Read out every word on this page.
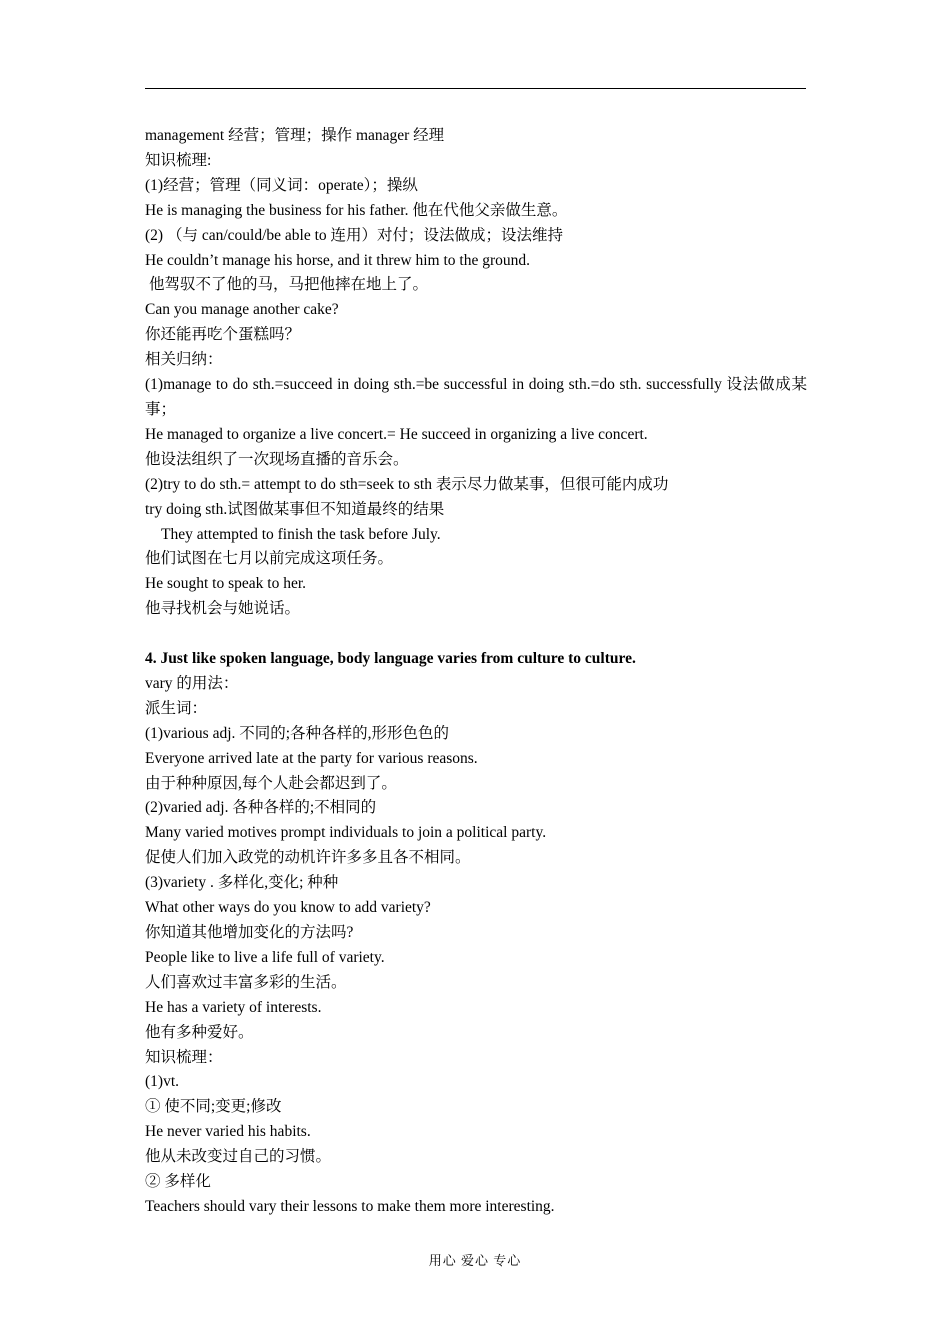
management 经营；管理；操作 manager 经理
知识梳理:
(1)经营；管理（同义词：operate）；操纵
He is managing the business for his father. 他在代他父亲做生意。
(2) （与 can/could/be able to 连用）对付；设法做成；设法维持
He couldn’t manage his horse, and it threw him to the ground.
他驾驭不了他的马，马把他摔在地上了。
Can you manage another cake?
你还能再吃个蛋糕吗？
相关归纳：
(1)manage to do sth.=succeed in doing sth.=be successful in doing sth.=do sth. successfully 设法做成某事；
He managed to organize a live concert.= He succeed in organizing a live concert.
他设法组织了一次现场直播的音乐会。
(2)try to do sth.= attempt to do sth=seek to sth 表示尽力做某事，但很可能内成功
try doing sth.试图做某事但不知道最终的结果
They attempted to finish the task before July.
他们试图在七月以前完成这项任务。
He sought to speak to her.
他寻找机会与她说话。
4. Just like spoken language, body language varies from culture to culture.
vary 的用法：
派生词：
(1)various adj. 不同的;各种各样的,形形色色的
Everyone arrived late at the party for various reasons.
由于种种原因,每个人赴会都迟到了。
(2)varied adj. 各种各样的;不相同的
Many varied motives prompt individuals to join a political party.
促使人们加入政党的动机许许多多且各不相同。
(3)variety . 多样化,变化; 种种
What other ways do you know to add variety?
你知道其他增加变化的方法吗?
People like to live a life full of variety.
人们喜欢过丰富多彩的生活。
He has a variety of interests.
他有多种爱好。
知识梳理：
(1)vt.
① 使不同;变更;修改
He never varied his habits.
他从未改变过自己的习惯。
② 多样化
Teachers should vary their lessons to make them more interesting.
用心 爱心 专心
